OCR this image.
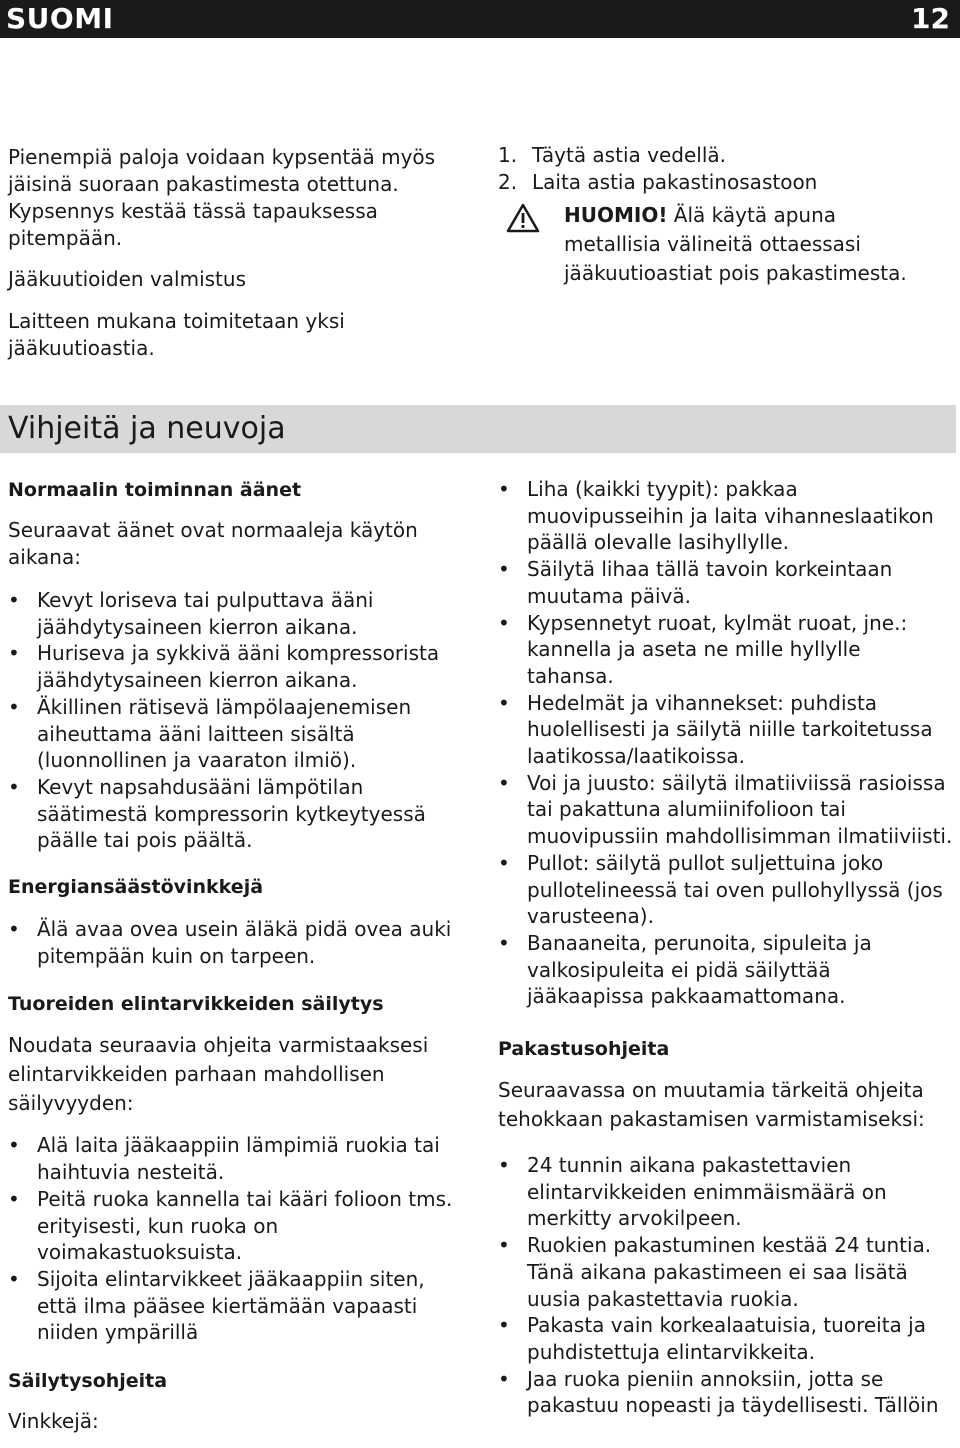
SUOMI	12

Pienempiä paloja voidaan kypsentää myös jäisinä suoraan pakastimesta otettuna. Kypsennys kestää tässä tapauksessa pitempään.

Jääkuutioiden valmistus

Laitteen mukana toimitetaan yksi jääkuutioastia.

1. Täytä astia vedellä.
2. Laita astia pakastinosastoon
HUOMIO! Älä käytä apuna metallisia välineitä ottaessasi jääkuutioastiat pois pakastimesta.
Vihjeitä ja neuvoja

Normaalin toiminnan äänet

Seuraavat äänet ovat normaaleja käytön aikana:

• Kevyt loriseva tai pulputtava ääni jäähdytysaineen kierron aikana.
• Huriseva ja sykkivä ääni kompressorista jäähdytysaineen kierron aikana.
• Äkillinen rätisevä lämpölaajenemisen aiheuttama ääni laitteen sisältä (luonnollinen ja vaaraton ilmiö).
• Kevyt napsahdusääni lämpötilan säätimestä kompressorin kytkeytyessä päälle tai pois päältä.

Energiansäästövinkkejä

• Älä avaa ovea usein äläkä pidä ovea auki pitempään kuin on tarpeen.

Tuoreiden elintarvikkeiden säilytys

Noudata seuraavia ohjeita varmistaaksesi elintarvikkeiden parhaan mahdollisen säilyvyyden:

• Alä laita jääkaappiin lämpimiä ruokia tai haihtuvia nesteitä.
• Peitä ruoka kannella tai kääri folioon tms. erityisesti, kun ruoka on voimakastuoksuista.
• Sijoita elintarvikkeet jääkaappiin siten, että ilma pääsee kiertämään vapaasti niiden ympärillä

Säilytysohjeita

Vinkkejä:

• Liha (kaikki tyypit): pakkaa muovipusseihin ja laita vihanneslaatikon päällä olevalle lasihyllylle.
• Säilytä lihaa tällä tavoin korkeintaan muutama päivä.
• Kypsennetyt ruoat, kylmät ruoat, jne.: kannella ja aseta ne mille hyllylle tahansa.
• Hedelmät ja vihannekset: puhdista huolellisesti ja säilytä niille tarkoitetussa laatikossa/laatikoissa.
• Voi ja juusto: säilytä ilmatiiviissä rasioissa tai pakattuna alumiinifolioon tai muovipussiin mahdollisimman ilmatiiviisti.
• Pullot: säilytä pullot suljettuina joko pullotelineessä tai oven pullohyllyssä (jos varusteena).
• Banaaneita, perunoita, sipuleita ja valkosipuleita ei pidä säilyttää jääkaapissa pakkaamattomana.

Pakastusohjeita

Seuraavassa on muutamia tärkeitä ohjeita tehokkaan pakastamisen varmistamiseksi:

• 24 tunnin aikana pakastettavien elintarvikkeiden enimmäismäärä on merkitty arvokilpeen.
• Ruokien pakastuminen kestää 24 tuntia. Tänä aikana pakastimeen ei saa lisätä uusia pakastettavia ruokia.
• Pakasta vain korkealaatuisia, tuoreita ja puhdistettuja elintarvikkeita.
• Jaa ruoka pieniin annoksiin, jotta se pakastuu nopeasti ja täydellisesti. Tällöin
